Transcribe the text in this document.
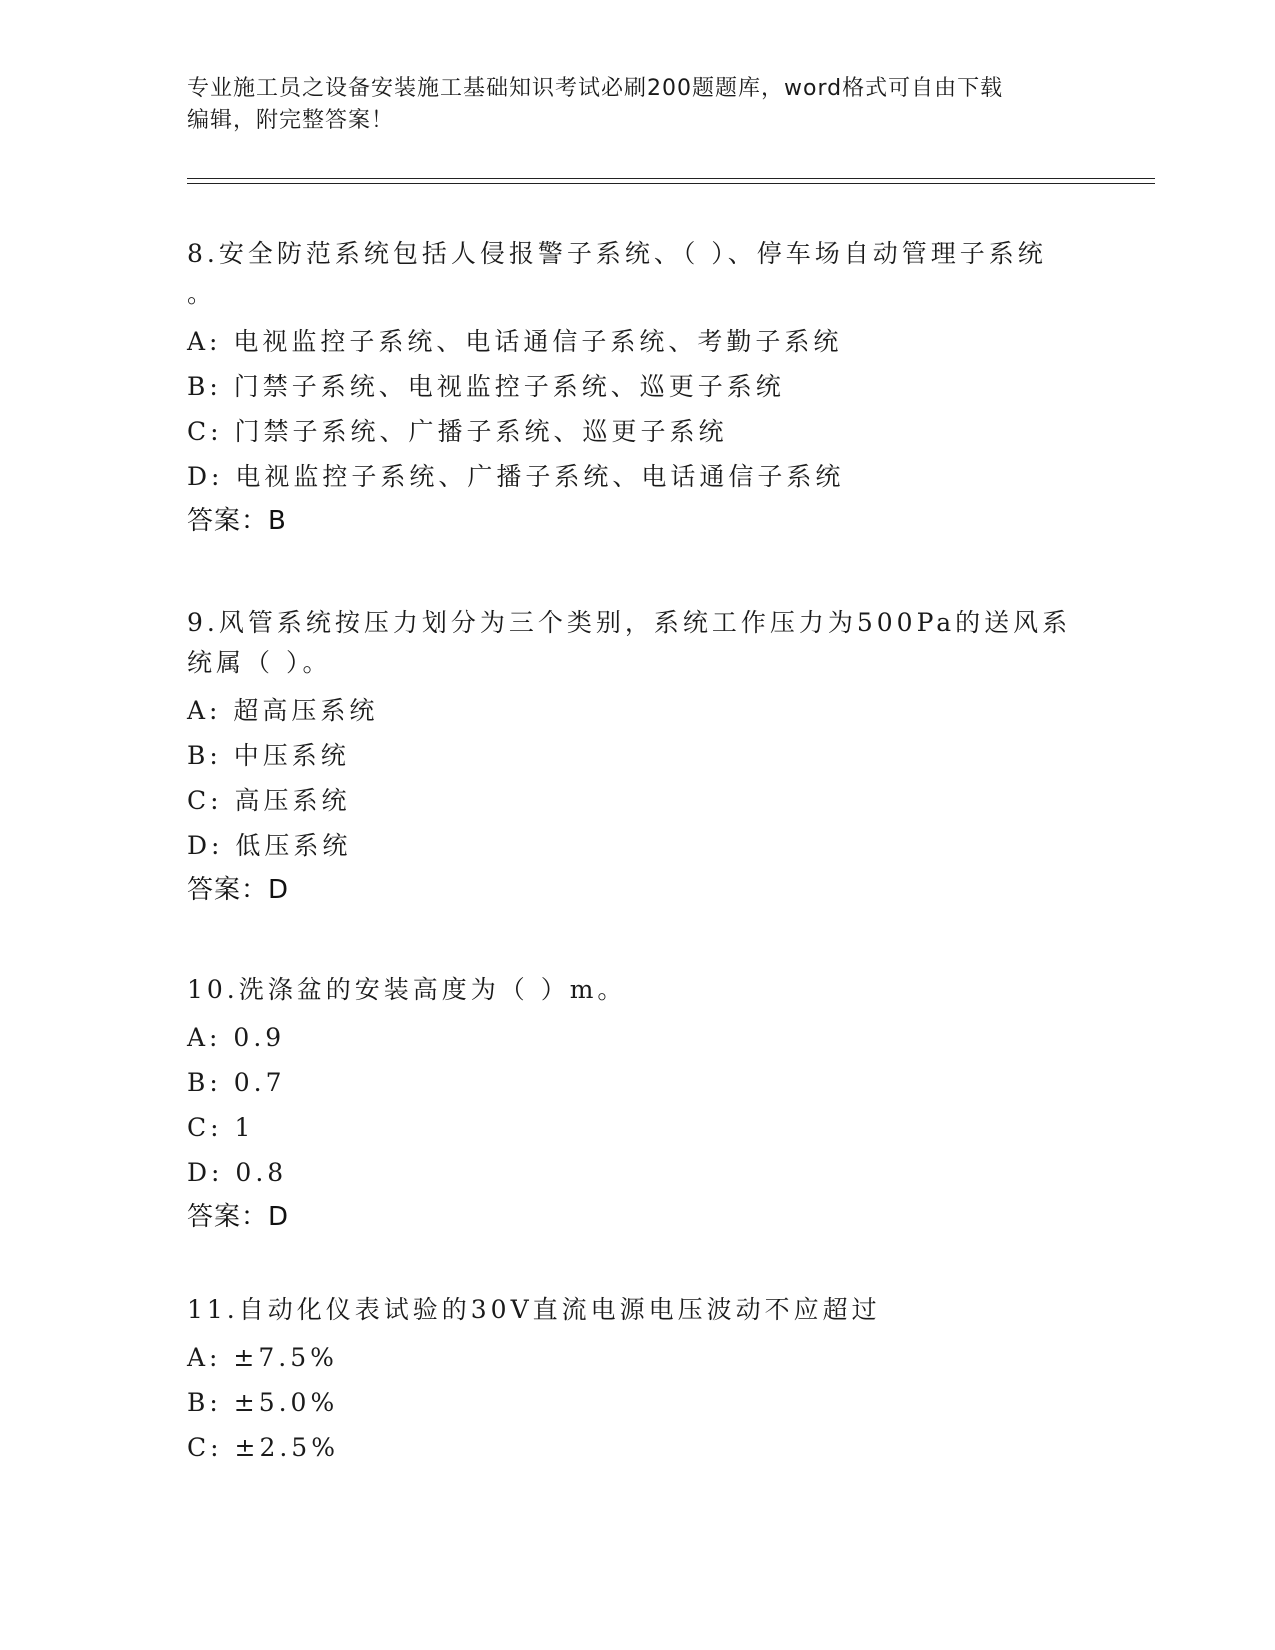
专业施工员之设备安装施工基础知识考试必刷200题题库，word格式可自由下载
编辑，附完整答案！
8.安全防范系统包括人侵报警子系统、（ ）、停车场自动管理子系统
。
A: 电视监控子系统、电话通信子系统、考勤子系统
B: 门禁子系统、电视监控子系统、巡更子系统
C: 门禁子系统、广播子系统、巡更子系统
D: 电视监控子系统、广播子系统、电话通信子系统
答案：B
9.风管系统按压力划分为三个类别，系统工作压力为500Pa的送风系
统属（ ）。
A: 超高压系统
B: 中压系统
C: 高压系统
D: 低压系统
答案：D
10.洗涤盆的安装高度为（ ）m。
A: 0.9
B: 0.7
C: 1
D: 0.8
答案：D
11.自动化仪表试验的30V直流电源电压波动不应超过
A: ±7.5%
B: ±5.0%
C: ±2.5%
